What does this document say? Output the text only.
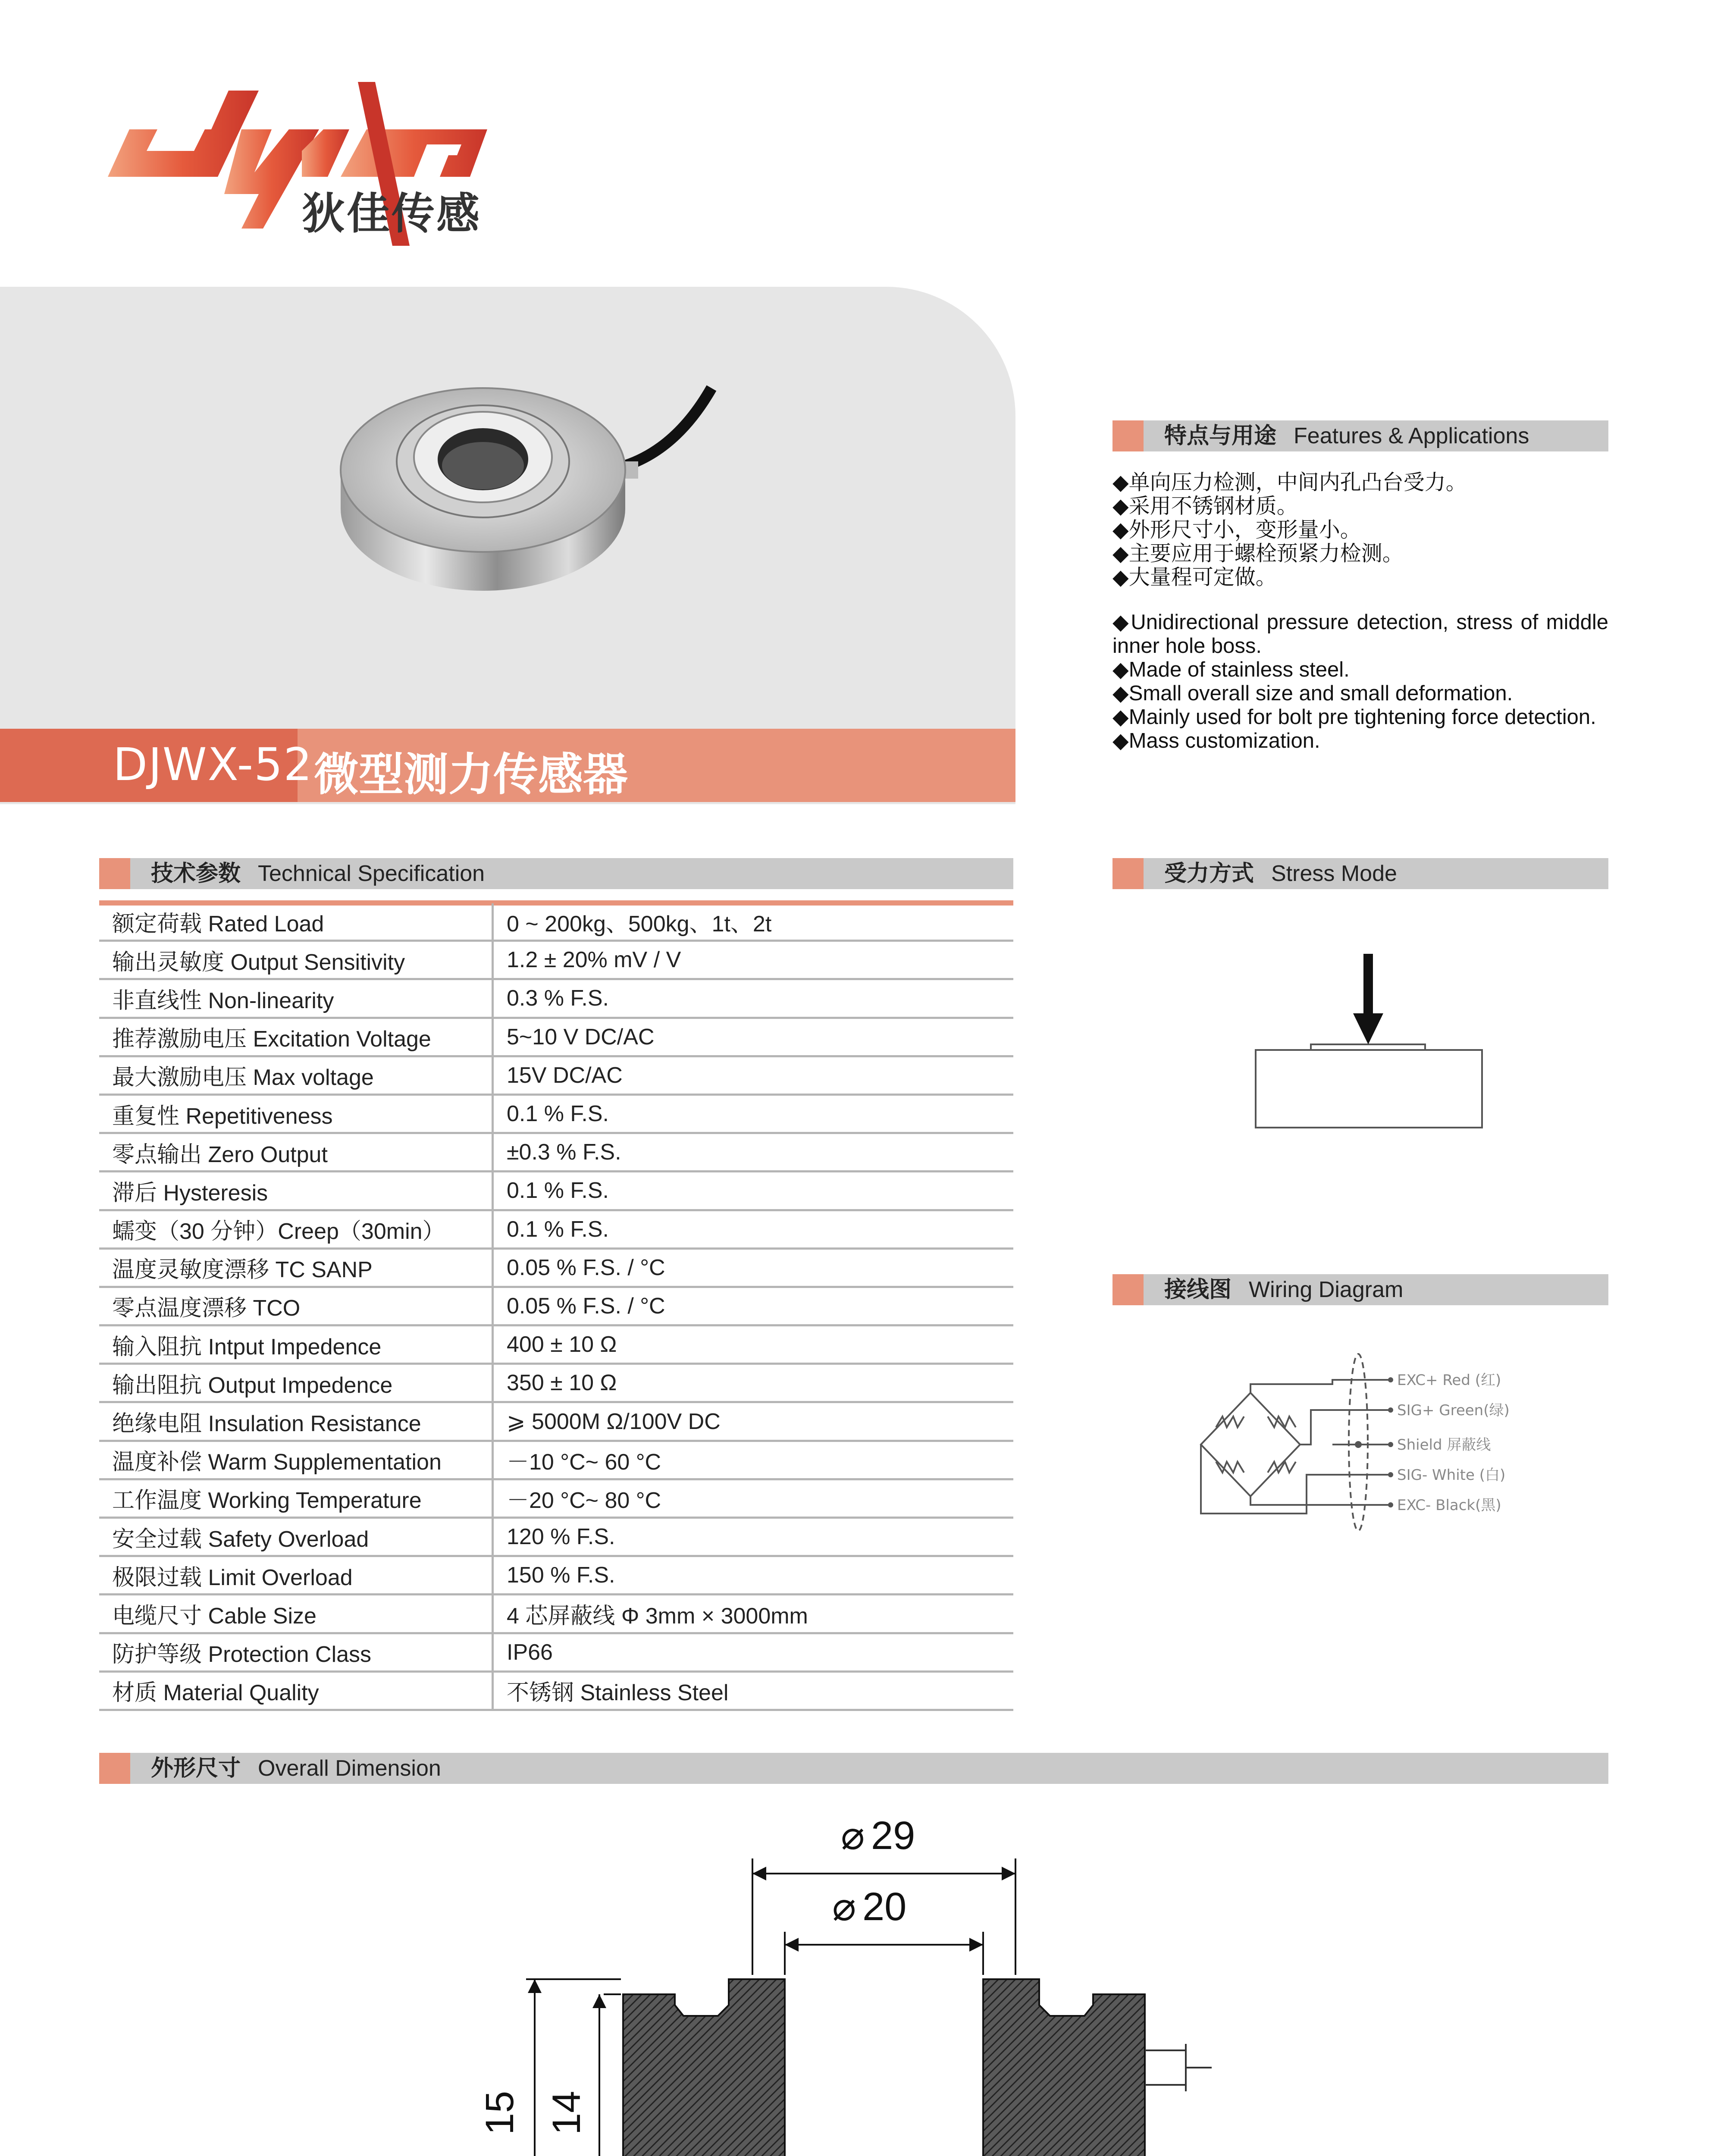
狄佳传感
DJWX-52 微型测力传感器
特点与用途 Features & Applications
◆ 单向压力检测，中间内孔凸台受力。
◆ 采用不锈钢材质。
◆ 外形尺寸小，变形量小。
◆ 主要应用于螺栓预紧力检测。
◆ 大量程可定做。
◆ Unidirectional pressure detection, stress of middle inner hole boss.
◆ Made of stainless steel.
◆ Small overall size and small deformation.
◆ Mainly used for bolt pre tightening force detection.
◆ Mass customization.
技术参数 Technical Specification
额定荷载 Rated Load	0 ~ 200kg、500kg、1t、2t
输出灵敏度 Output Sensitivity	1.2 ± 20% mV / V
非直线性 Non-linearity	0.3 % F.S.
推荐激励电压 Excitation Voltage	5~10 V DC/AC
最大激励电压 Max voltage	15V DC/AC
重复性 Repetitiveness	0.1 % F.S.
零点输出 Zero Output	±0.3 % F.S.
滞后 Hysteresis	0.1 % F.S.
蠕变（30 分钟）Creep（30min）	0.1 % F.S.
温度灵敏度漂移 TC SANP	0.05 % F.S. / °C
零点温度漂移 TCO	0.05 % F.S. / °C
输入阻抗 Intput Impedence	400 ± 10 Ω
输出阻抗 Output Impedence	350 ± 10 Ω
绝缘电阻 Insulation Resistance	⩾ 5000M Ω/100V DC
温度补偿 Warm Supplementation	－10 °C~ 60 °C
工作温度 Working Temperature	－20 °C~ 80 °C
安全过载 Safety Overload	120 % F.S.
极限过载 Limit Overload	150 % F.S.
电缆尺寸 Cable Size	4 芯屏蔽线 Φ 3mm × 3000mm
防护等级 Protection Class	IP66
材质 Material Quality	不锈钢 Stainless Steel
受力方式 Stress Mode
接线图 Wiring Diagram
EXC+ Red (红)
SIG+ Green(绿)
Shield 屏蔽线
SIG- White (白)
EXC- Black(黑)
外形尺寸 Overall Dimension
⌀ 29
⌀ 20
15 14
